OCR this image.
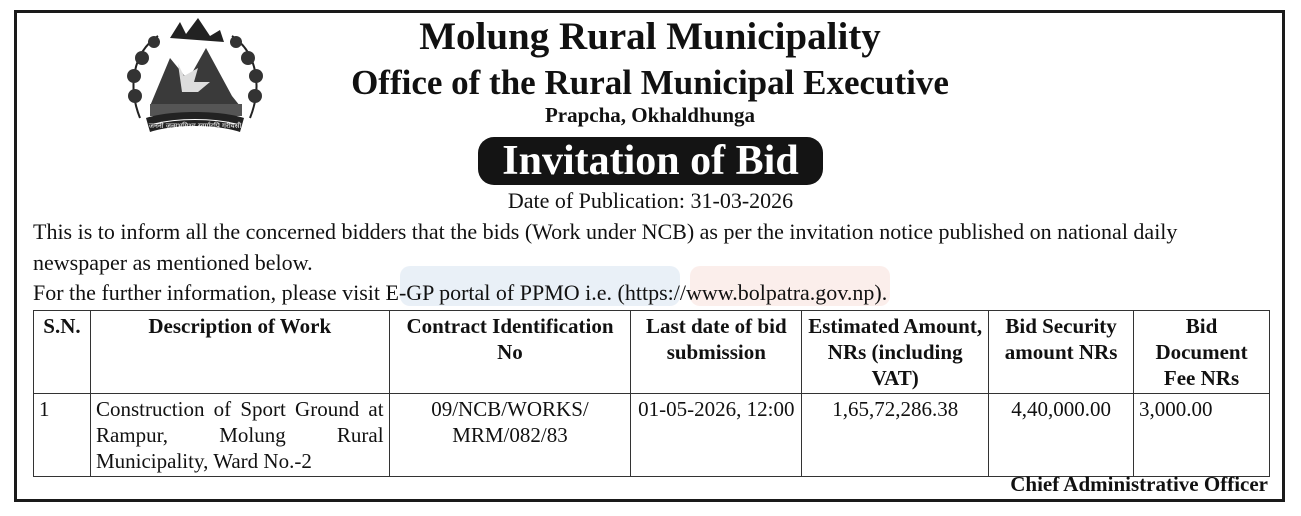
जननी जन्मभूमिश्च स्वर्गादपि गरीयसी
Molung Rural Municipality
Office of the Rural Municipal Executive
Prapcha, Okhaldhunga
Invitation of Bid
Date of Publication: 31-03-2026
This is to inform all the concerned bidders that the bids (Work under NCB) as per the invitation notice published on national daily newspaper as mentioned below.
For the further information, please visit E-GP portal of PPMO i.e. (https://www.bolpatra.gov.np).
S.N.	Description of Work	Contract Identification No	Last date of bid submission	Estimated Amount, NRs (including VAT)	Bid Security amount NRs	Bid Document Fee NRs
1	Construction of Sport Ground at Rampur, Molung Rural Municipality, Ward No.-2	09/NCB/WORKS/ MRM/082/83	01-05-2026, 12:00	1,65,72,286.38	4,40,000.00	3,000.00
Chief Administrative Officer
